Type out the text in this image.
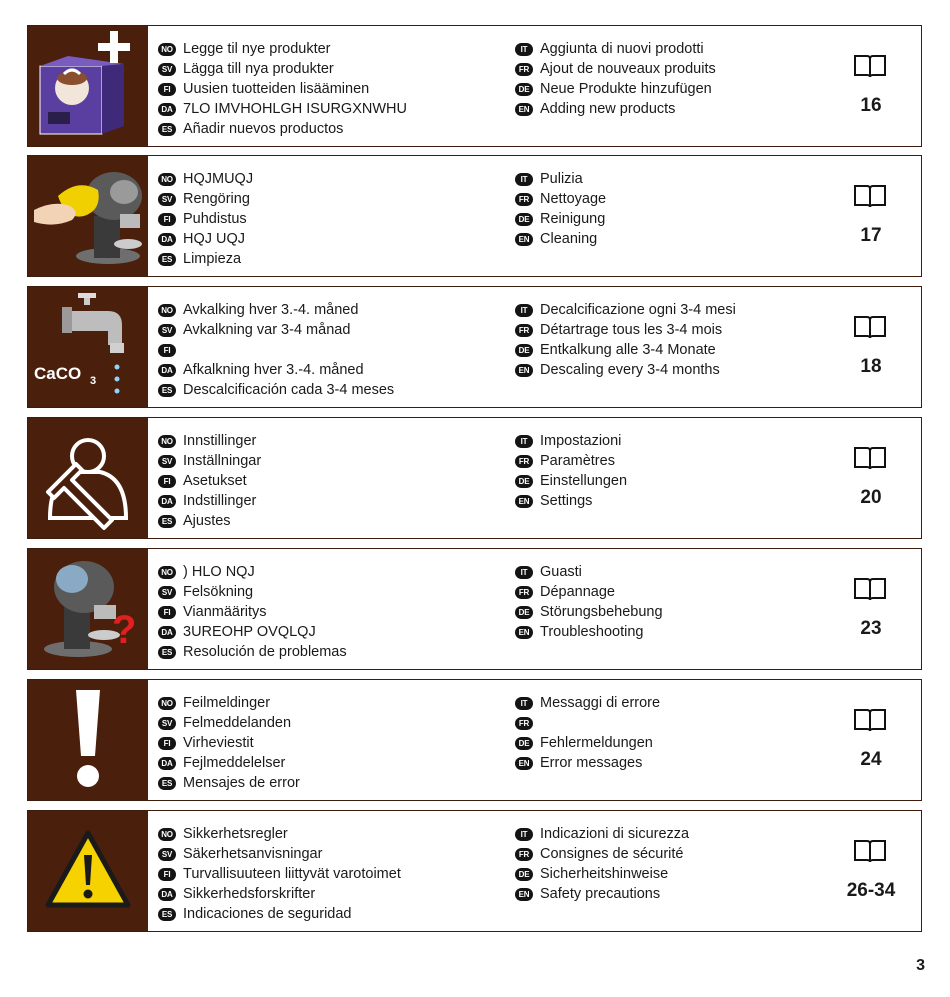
NO Legge til nye produkter
SV Lägga till nya produkter
FI Uusien tuotteiden lisääminen
DA 7LO IMVHOHLGH ISURGXNWHU
ES Añadir nuevos productos
IT Aggiunta di nuovi prodotti
FR Ajout de nouveaux produits
DE Neue Produkte hinzufügen
EN Adding new products	16
NO HQJMUQJ
SV Rengöring
FI Puhdistus
DA HQJ UQJ
ES Limpieza
IT Pulizia
FR Nettoyage
DE Reinigung
EN Cleaning	17
CaCO 3
NO Avkalking hver 3.-4. måned
SV Avkalkning var 3-4 månad
FI
DA Afkalkning hver 3.-4. måned
ES Descalcificación cada 3-4 meses
IT Decalcificazione ogni 3-4 mesi
FR Détartrage tous les 3-4 mois
DE Entkalkung alle 3-4 Monate
EN Descaling every 3-4 months	18
NO Innstillinger
SV Inställningar
FI Asetukset
DA Indstillinger
ES Ajustes
IT Impostazioni
FR Paramètres
DE Einstellungen
EN Settings	20
?
NO ) HLO NQJ
SV Felsökning
FI Vianmääritys
DA 3UREOHP OVQLQJ
ES Resolución de problemas
IT Guasti
FR Dépannage
DE Störungsbehebung
EN Troubleshooting	23
NO Feilmeldinger
SV Felmeddelanden
FI Virheviestit
DA Fejlmeddelelser
ES Mensajes de error
IT Messaggi di errore
FR
DE Fehlermeldungen
EN Error messages	24
NO Sikkerhetsregler
SV Säkerhetsanvisningar
FI Turvallisuuteen liittyvät varotoimet
DA Sikkerhedsforskrifter
ES Indicaciones de seguridad
IT Indicazioni di sicurezza
FR Consignes de sécurité
DE Sicherheitshinweise
EN Safety precautions	26-34
3
